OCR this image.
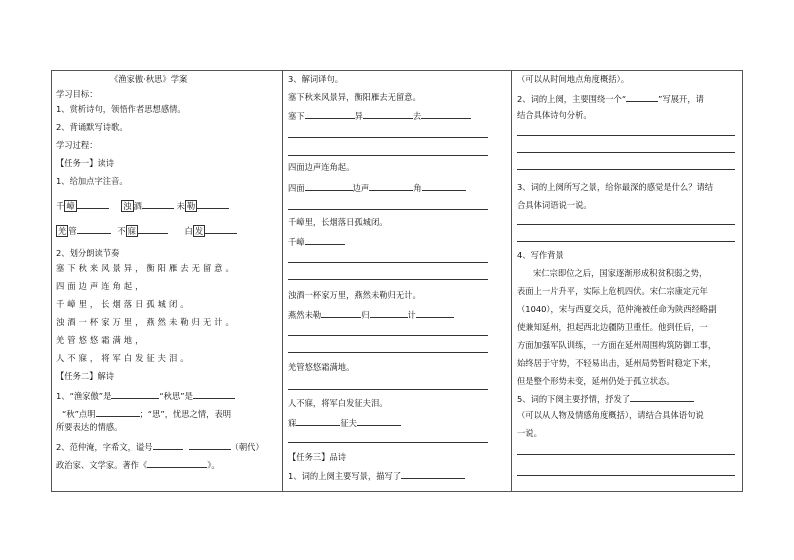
《渔家傲·秋思》学案
学习目标：
1、赏析诗句，领悟作者思想感情。
2、背诵默写诗歌。
学习过程：
【任务一】读诗
1、给加点字注音。
千 嶂	浊 酒	未 勒
羌 管	不 寐	白 发
2、划分朗读节奏
塞下秋来风景异，衡阳雁去无留意。
四面边声连角起，
千嶂里，长烟落日孤城闭。
浊酒一杯家万里，燕然未勒归无计。
羌管悠悠霜满地，
人不寐，将军白发征夫泪。
【任务二】解诗
1、“渔家傲”是	“秋思”是
“秋”点明	；“思”，忧思之情，表明
所要表达的情感。
2、范仲淹，字希文，谥号	（朝代）
政治家、文学家。著作《	》。
3、解词译句。
塞下秋来风景异，衡阳雁去无留意。
塞下	异	去
四面边声连角起。
四面	边声	角
千嶂里，长烟落日孤城闭。
千嶂
浊酒一杯家万里，燕然未勒归无计。
燕然未勒	归	计
羌管悠悠霜满地。
人不寐，将军白发征夫泪。
寐	征夫
【任务三】品诗
1、词的上阕主要写景，描写了
（可以从时间地点角度概括）。
2、词的上阕，主要围绕一个“	”写展开，请
结合具体诗句分析。
3、词的上阕所写之景，给你最深的感觉是什么？请结
合具体词语说一说。
4、写作背景
宋仁宗即位之后，国家逐渐形成积贫积弱之势，
表面上一片升平，实际上危机四伏。宋仁宗康定元年
（1040），宋与西夏交兵，范仲淹被任命为陕西经略副
使兼知延州，担起西北边疆防卫重任。他到任后，一
方面加强军队训练，一方面在延州周围构筑防御工事，
始终居于守势，不轻易出击，延州局势暂时稳定下来，
但是整个形势未变，延州仍处于孤立状态。
5、词的下阕主要抒情，抒发了
（可以从人物及情感角度概括），请结合具体语句说
一说。
